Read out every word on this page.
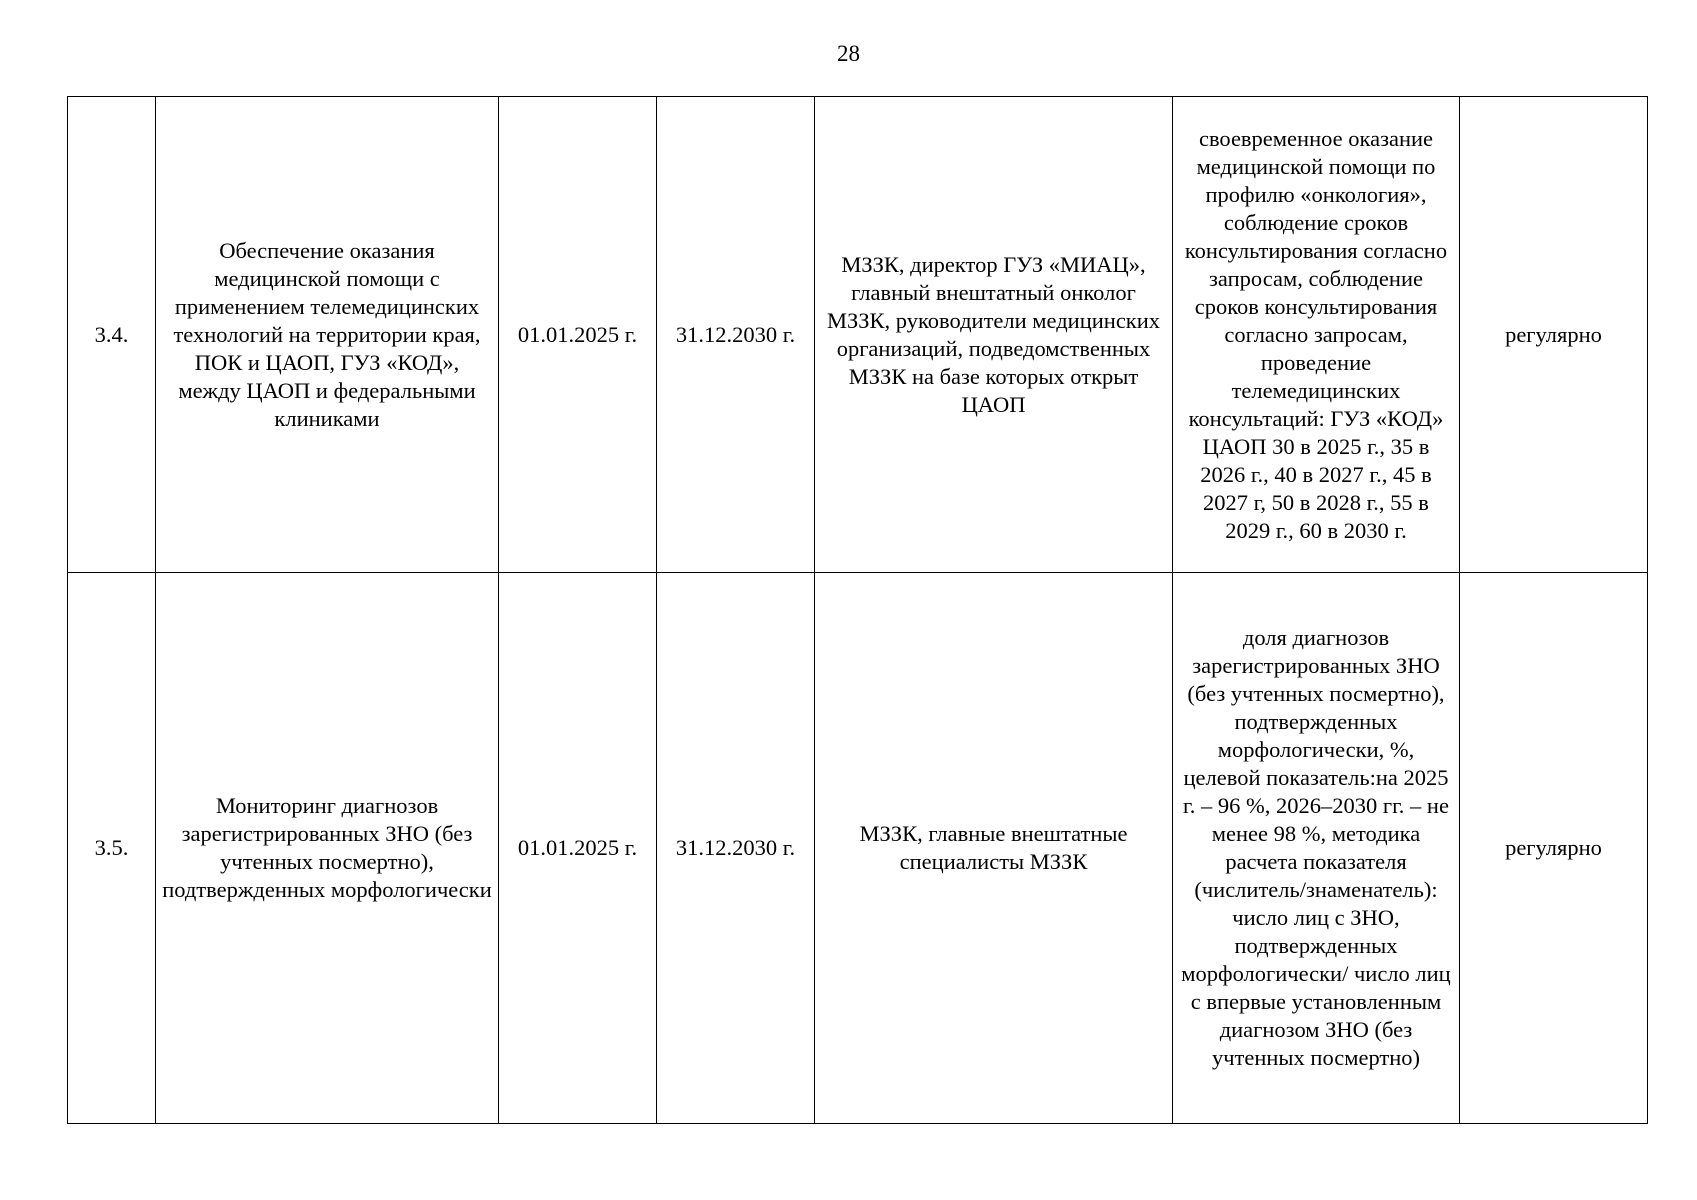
28
3.4.	Обеспечение оказания медицинской помощи с применением телемедицинских технологий на территории края, ПОК и ЦАОП, ГУЗ «КОД», между ЦАОП и федеральными клиниками	01.01.2025 г.	31.12.2030 г.	МЗЗК, директор ГУЗ «МИАЦ», главный внештатный онколог МЗЗК, руководители медицинских организаций, подведомственных МЗЗК на базе которых открыт ЦАОП	своевременное оказание медицинской помощи по профилю «онкология», соблюдение сроков консультирования согласно запросам, соблюдение сроков консультирования согласно запросам, проведение телемедицинских консультаций: ГУЗ «КОД» ЦАОП 30 в 2025 г., 35 в 2026 г., 40 в 2027 г., 45 в 2027 г, 50 в 2028 г., 55 в 2029 г., 60 в 2030 г.	регулярно
3.5.	Мониторинг диагнозов зарегистрированных ЗНО (без учтенных посмертно), подтвержденных морфологически	01.01.2025 г.	31.12.2030 г.	МЗЗК, главные внештатные специалисты МЗЗК	доля диагнозов зарегистрированных ЗНО (без учтенных посмертно), подтвержденных морфологически, %, целевой показатель:на 2025 г. – 96 %, 2026–2030 гг. – не менее 98 %, методика расчета показателя (числитель/знаменатель): число лиц с ЗНО, подтвержденных морфологически/ число лиц с впервые установленным диагнозом ЗНО (без учтенных посмертно)	регулярно
